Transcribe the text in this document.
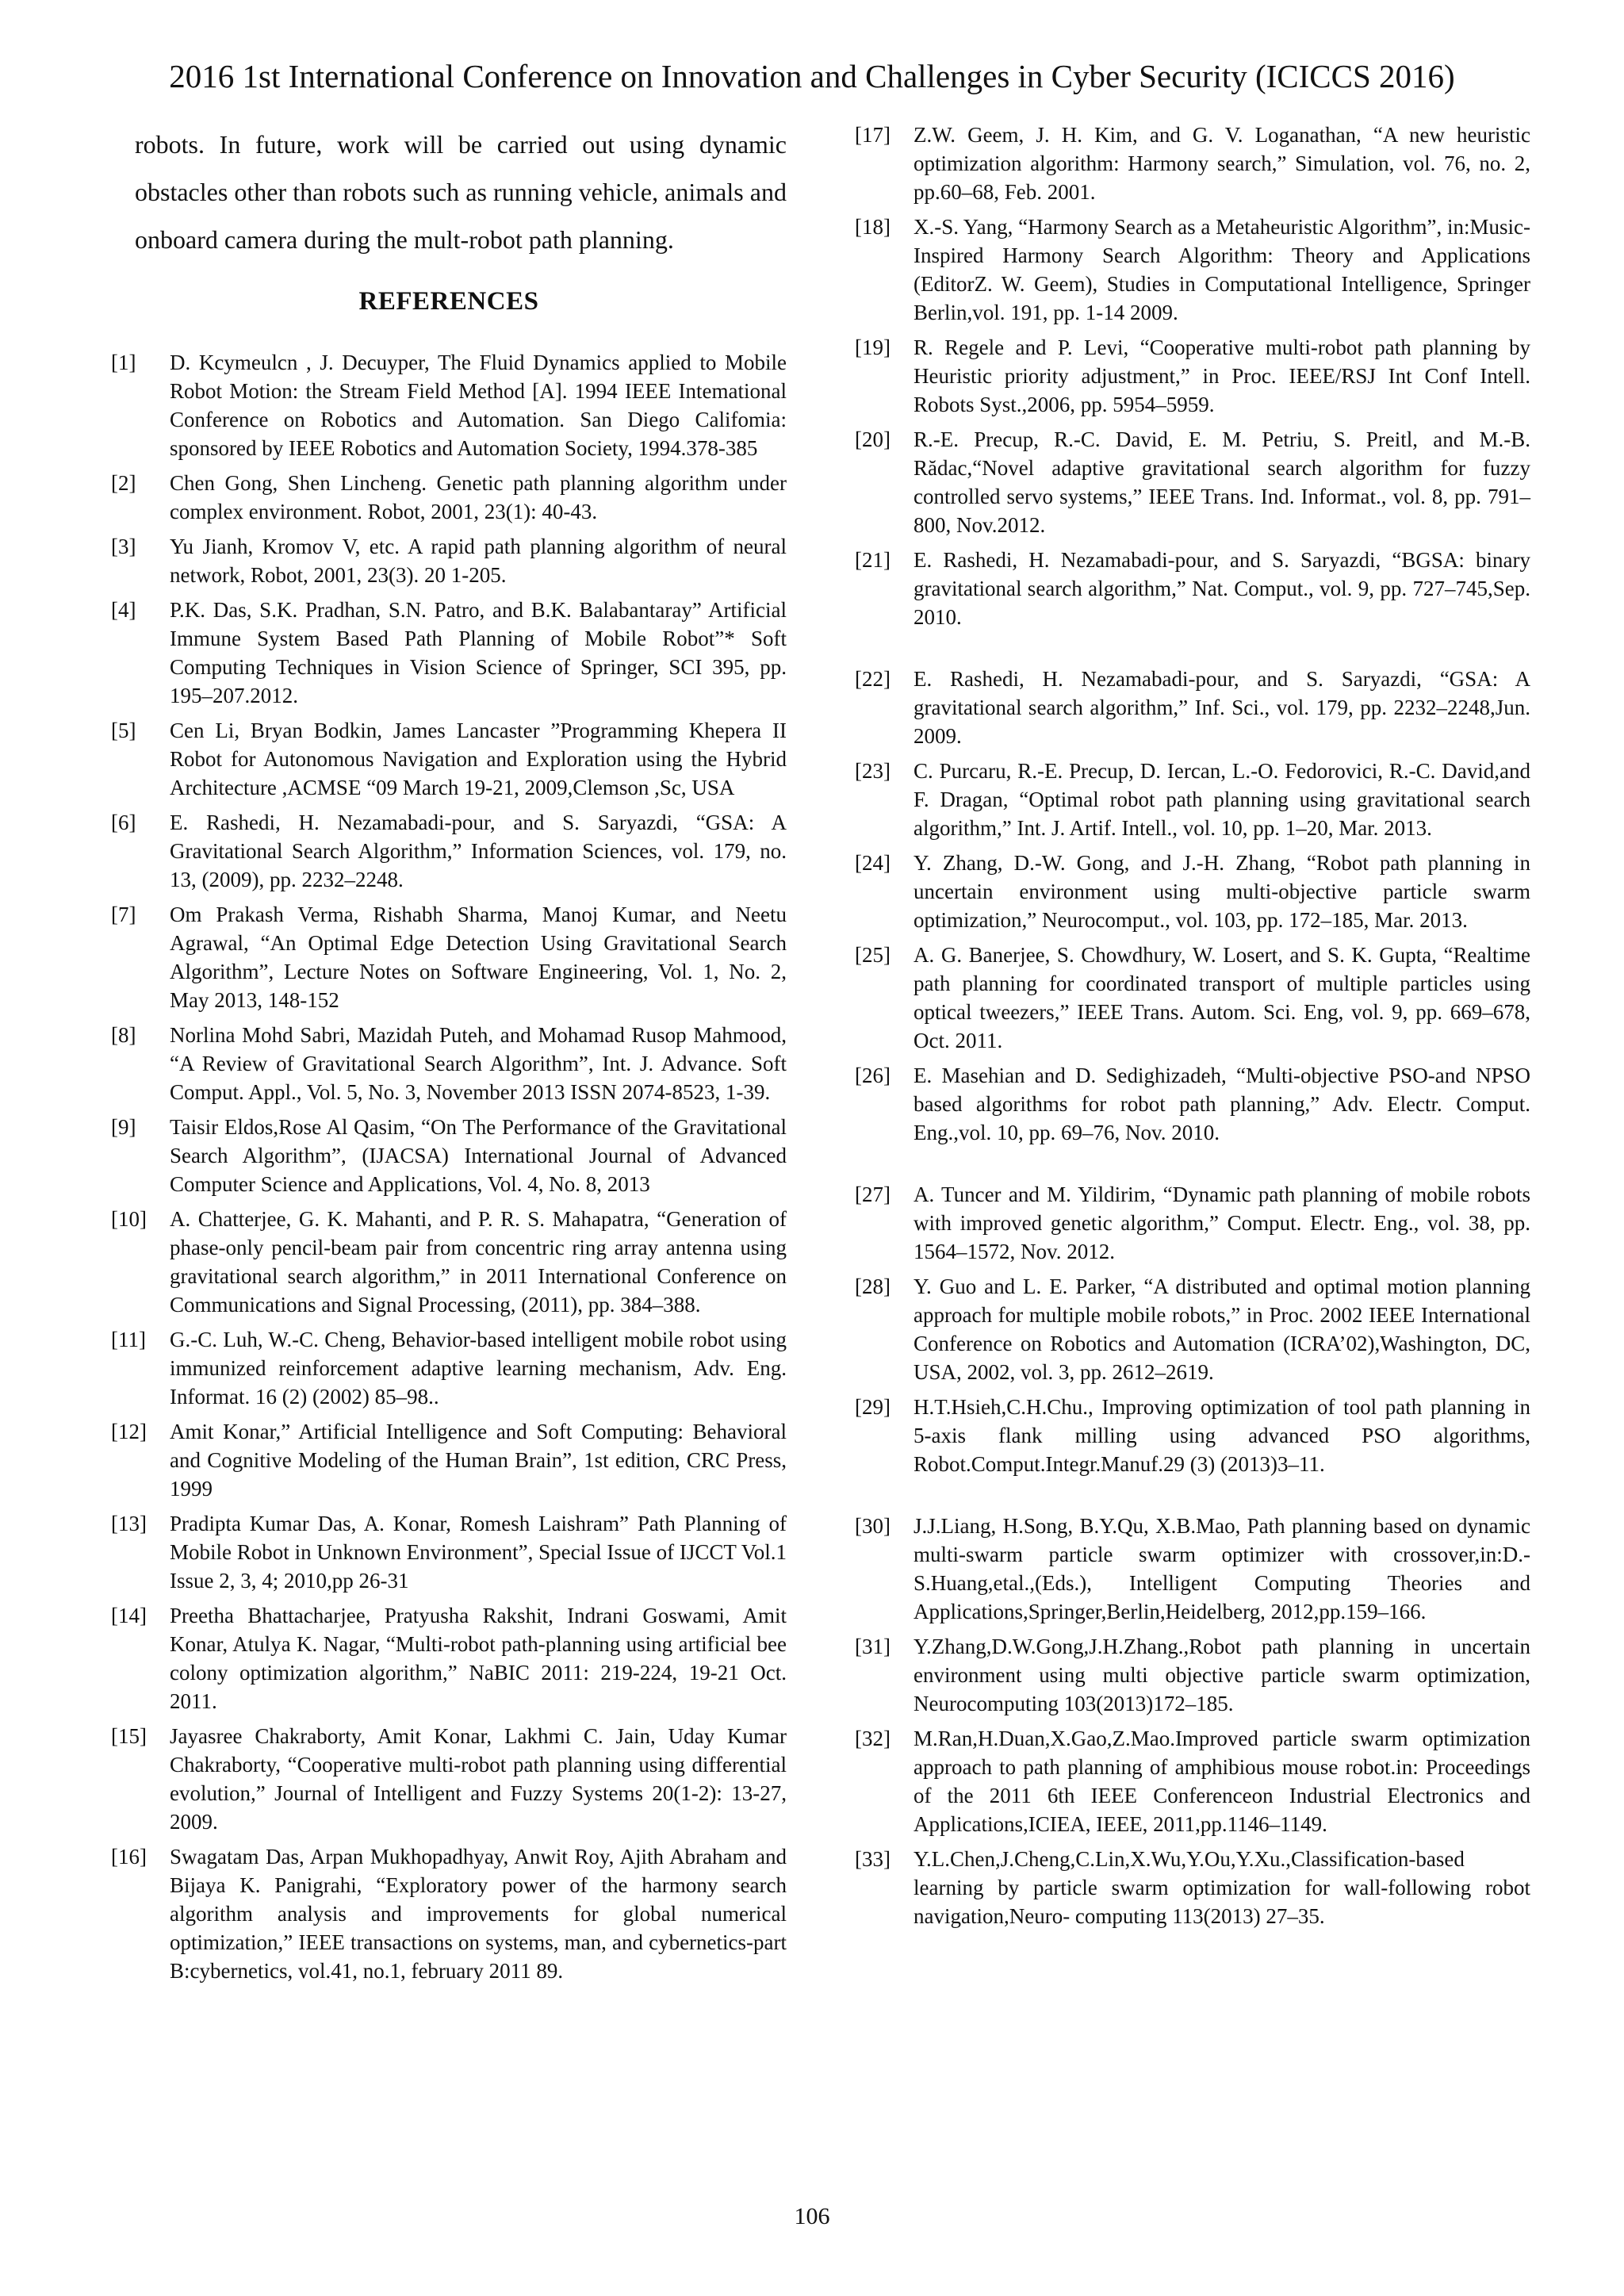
2016 1st International Conference on Innovation and Challenges in Cyber Security (ICICCS 2016)

robots. In future, work will be carried out using dynamic obstacles other than robots such as running vehicle, animals and onboard camera during the mult-robot path planning.

REFERENCES
[1]	D. Kcymeulcn , J. Decuyper, The Fluid Dynamics applied to Mobile Robot Motion: the Stream Field Method [A]. 1994 IEEE Intemational Conference on Robotics and Automation. San Diego Califomia: sponsored by IEEE Robotics and Automation Society, 1994.378-385
[2]	Chen Gong, Shen Lincheng. Genetic path planning algorithm under complex environment. Robot, 2001, 23(1): 40-43.
[3]	Yu Jianh, Kromov V, etc. A rapid path planning algorithm of neural network, Robot, 2001, 23(3). 20 1-205.
[4]	P.K. Das, S.K. Pradhan, S.N. Patro, and B.K. Balabantaray” Artificial Immune System Based Path Planning of Mobile Robot”* Soft Computing Techniques in Vision Science of Springer, SCI 395, pp. 195–207.2012.
[5]	Cen Li, Bryan Bodkin, James Lancaster ”Programming Khepera II Robot for Autonomous Navigation and Exploration using the Hybrid Architecture ,ACMSE “09 March 19-21, 2009,Clemson ,Sc, USA
[6]	E. Rashedi, H. Nezamabadi-pour, and S. Saryazdi, “GSA: A Gravitational Search Algorithm,” Information Sciences, vol. 179, no. 13, (2009), pp. 2232–2248.
[7]	Om Prakash Verma, Rishabh Sharma, Manoj Kumar, and Neetu Agrawal, “An Optimal Edge Detection Using Gravitational Search Algorithm”, Lecture Notes on Software Engineering, Vol. 1, No. 2, May 2013, 148-152
[8]	Norlina Mohd Sabri, Mazidah Puteh, and Mohamad Rusop Mahmood, “A Review of Gravitational Search Algorithm”, Int. J. Advance. Soft Comput. Appl., Vol. 5, No. 3, November 2013 ISSN 2074-8523, 1-39.
[9]	Taisir Eldos,Rose Al Qasim, “On The Performance of the Gravitational Search Algorithm”, (IJACSA) International Journal of Advanced Computer Science and Applications, Vol. 4, No. 8, 2013
[10]	A. Chatterjee, G. K. Mahanti, and P. R. S. Mahapatra, “Generation of phase-only pencil-beam pair from concentric ring array antenna using gravitational search algorithm,” in 2011 International Conference on Communications and Signal Processing, (2011), pp. 384–388.
[11]	G.-C. Luh, W.-C. Cheng, Behavior-based intelligent mobile robot using immunized reinforcement adaptive learning mechanism, Adv. Eng. Informat. 16 (2) (2002) 85–98..
[12]	Amit Konar,” Artificial Intelligence and Soft Computing: Behavioral and Cognitive Modeling of the Human Brain”, 1st edition, CRC Press, 1999
[13]	Pradipta Kumar Das, A. Konar, Romesh Laishram” Path Planning of Mobile Robot in Unknown Environment”, Special Issue of IJCCT Vol.1 Issue 2, 3, 4; 2010,pp 26-31
[14]	Preetha Bhattacharjee, Pratyusha Rakshit, Indrani Goswami, Amit Konar, Atulya K. Nagar, “Multi-robot path-planning using artificial bee colony optimization algorithm,” NaBIC 2011: 219-224, 19-21 Oct. 2011.
[15]	Jayasree Chakraborty, Amit Konar, Lakhmi C. Jain, Uday Kumar Chakraborty, “Cooperative multi-robot path planning using differential evolution,” Journal of Intelligent and Fuzzy Systems 20(1-2): 13-27, 2009.
[16]	Swagatam Das, Arpan Mukhopadhyay, Anwit Roy, Ajith Abraham and Bijaya K. Panigrahi, “Exploratory power of the harmony search algorithm analysis and improvements for global numerical optimization,” IEEE transactions on systems, man, and cybernetics-part B:cybernetics, vol.41, no.1, february 2011 89.
[17]	Z.W. Geem, J. H. Kim, and G. V. Loganathan, “A new heuristic optimization algorithm: Harmony search,” Simulation, vol. 76, no. 2, pp.60–68, Feb. 2001.
[18]	X.-S. Yang, “Harmony Search as a Metaheuristic Algorithm”, in:Music-Inspired Harmony Search Algorithm: Theory and Applications (EditorZ. W. Geem), Studies in Computational Intelligence, Springer Berlin,vol. 191, pp. 1-14 2009.
[19]	R. Regele and P. Levi, “Cooperative multi-robot path planning by Heuristic priority adjustment,” in Proc. IEEE/RSJ Int Conf Intell. Robots Syst.,2006, pp. 5954–5959.
[20]	R.-E. Precup, R.-C. David, E. M. Petriu, S. Preitl, and M.-B. Rădac,“Novel adaptive gravitational search algorithm for fuzzy controlled servo systems,” IEEE Trans. Ind. Informat., vol. 8, pp. 791–800, Nov.2012.
[21]	E. Rashedi, H. Nezamabadi-pour, and S. Saryazdi, “BGSA: binary gravitational search algorithm,” Nat. Comput., vol. 9, pp. 727–745,Sep. 2010.
[22]	E. Rashedi, H. Nezamabadi-pour, and S. Saryazdi, “GSA: A gravitational search algorithm,” Inf. Sci., vol. 179, pp. 2232–2248,Jun. 2009.
[23]	C. Purcaru, R.-E. Precup, D. Iercan, L.-O. Fedorovici, R.-C. David,and F. Dragan, “Optimal robot path planning using gravitational search algorithm,” Int. J. Artif. Intell., vol. 10, pp. 1–20, Mar. 2013.
[24]	Y. Zhang, D.-W. Gong, and J.-H. Zhang, “Robot path planning in uncertain environment using multi-objective particle swarm optimization,” Neurocomput., vol. 103, pp. 172–185, Mar. 2013.
[25]	A. G. Banerjee, S. Chowdhury, W. Losert, and S. K. Gupta, “Realtime path planning for coordinated transport of multiple particles using optical tweezers,” IEEE Trans. Autom. Sci. Eng, vol. 9, pp. 669–678, Oct. 2011.
[26]	E. Masehian and D. Sedighizadeh, “Multi-objective PSO-and NPSO based algorithms for robot path planning,” Adv. Electr. Comput. Eng.,vol. 10, pp. 69–76, Nov. 2010.
[27]	A. Tuncer and M. Yildirim, “Dynamic path planning of mobile robots with improved genetic algorithm,” Comput. Electr. Eng., vol. 38, pp. 1564–1572, Nov. 2012.
[28]	Y. Guo and L. E. Parker, “A distributed and optimal motion planning approach for multiple mobile robots,” in Proc. 2002 IEEE International Conference on Robotics and Automation (ICRA’02),Washington, DC, USA, 2002, vol. 3, pp. 2612–2619.
[29]	H.T.Hsieh,C.H.Chu., Improving optimization of tool path planning in 5-axis flank milling using advanced PSO algorithms, Robot.Comput.Integr.Manuf.29 (3) (2013)3–11.
[30]	J.J.Liang, H.Song, B.Y.Qu, X.B.Mao, Path planning based on dynamic multi-swarm particle swarm optimizer with crossover,in:D.-S.Huang,etal.,(Eds.), Intelligent Computing Theories and Applications,Springer,Berlin,Heidelberg, 2012,pp.159–166.
[31]	Y.Zhang,D.W.Gong,J.H.Zhang.,Robot path planning in uncertain environment using multi objective particle swarm optimization, Neurocomputing 103(2013)172–185.
[32]	M.Ran,H.Duan,X.Gao,Z.Mao.Improved particle swarm optimization approach to path planning of amphibious mouse robot.in: Proceedings of the 2011 6th IEEE Conferenceon Industrial Electronics and Applications,ICIEA, IEEE, 2011,pp.1146–1149.
[33]	Y.L.Chen,J.Cheng,C.Lin,X.Wu,Y.Ou,Y.Xu.,Classification-based learning by particle swarm optimization for wall-following robot navigation,Neuro- computing 113(2013) 27–35.
106
